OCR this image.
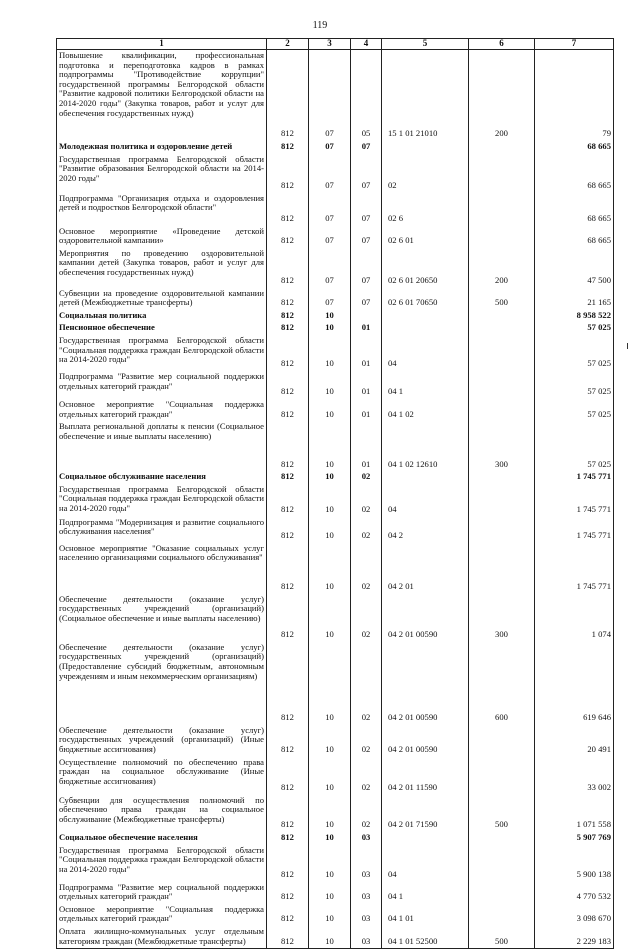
119
1	2	3	4	5	6	7
Повышение квалификации, профессиональная подготовка и переподготовка кадров в рамках подпрограммы "Противодействие коррупции" государственной программы Белгородской области "Развитие кадровой политики Белгородской области на 2014-2020 годы" (Закупка товаров, работ и услуг для обеспечения государственных нужд)	812	07	05	15 1 01 21010	200	79
Молодежная политика и оздоровление детей	812	07	07			68 665
Государственная программа Белгородской области "Развитие образования Белгородской области на 2014-2020 годы"	812	07	07	02		68 665
Подпрограмма "Организация отдыха и оздоровления детей и подростков Белгородской области"	812	07	07	02 6		68 665
Основное мероприятие «Проведение детской оздоровительной кампании»	812	07	07	02 6 01		68 665
Мероприятия по проведению оздоровительной кампании детей (Закупка товаров, работ и услуг для обеспечения государственных нужд)	812	07	07	02 6 01 20650	200	47 500
Субвенции на проведение оздоровительной кампании детей (Межбюджетные трансферты)	812	07	07	02 6 01 70650	500	21 165
Социальная политика	812	10				8 958 522
Пенсионное обеспечение	812	10	01			57 025
Государственная программа Белгородской области "Социальная поддержка граждан Белгородской области на 2014-2020 годы"	812	10	01	04		57 025
Подпрограмма "Развитие мер социальной поддержки отдельных категорий граждан"	812	10	01	04 1		57 025
Основное мероприятие "Социальная поддержка отдельных категорий граждан"	812	10	01	04 1 02		57 025
Выплата региональной доплаты к пенсии (Социальное обеспечение и иные выплаты населению)	812	10	01	04 1 02 12610	300	57 025
Социальное обслуживание населения	812	10	02			1 745 771
Государственная программа Белгородской области "Социальная поддержка граждан Белгородской области на 2014-2020 годы"	812	10	02	04		1 745 771
Подпрограмма "Модернизация и развитие социального обслуживания населения"	812	10	02	04 2		1 745 771
Основное мероприятие "Оказание социальных услуг населению организациями социального обслуживания"	812	10	02	04 2 01		1 745 771
Обеспечение деятельности (оказание услуг) государственных учреждений (организаций) (Социальное обеспечение и иные выплаты населению)	812	10	02	04 2 01 00590	300	1 074
Обеспечение деятельности (оказание услуг) государственных учреждений (организаций) (Предоставление субсидий бюджетным, автономным учреждениям и иным некоммерческим организациям)	812	10	02	04 2 01 00590	600	619 646
Обеспечение деятельности (оказание услуг) государственных учреждений (организаций) (Иные бюджетные ассигнования)	812	10	02	04 2 01 00590		20 491
Осуществление полномочий по обеспечению права граждан на социальное обслуживание (Иные бюджетные ассигнования)	812	10	02	04 2 01 11590		33 002
Субвенции для осуществления полномочий по обеспечению права граждан на социальное обслуживание (Межбюджетные трансферты)	812	10	02	04 2 01 71590	500	1 071 558
Социальное обеспечение населения	812	10	03			5 907 769
Государственная программа Белгородской области "Социальная поддержка граждан Белгородской области на 2014-2020 годы"	812	10	03	04		5 900 138
Подпрограмма "Развитие мер социальной поддержки отдельных категорий граждан"	812	10	03	04 1		4 770 532
Основное мероприятие "Социальная поддержка отдельных категорий граждан"	812	10	03	04 1 01		3 098 670
Оплата жилищно-коммунальных услуг отдельным категориям граждан (Межбюджетные трансферты)	812	10	03	04 1 01 52500	500	2 229 183
